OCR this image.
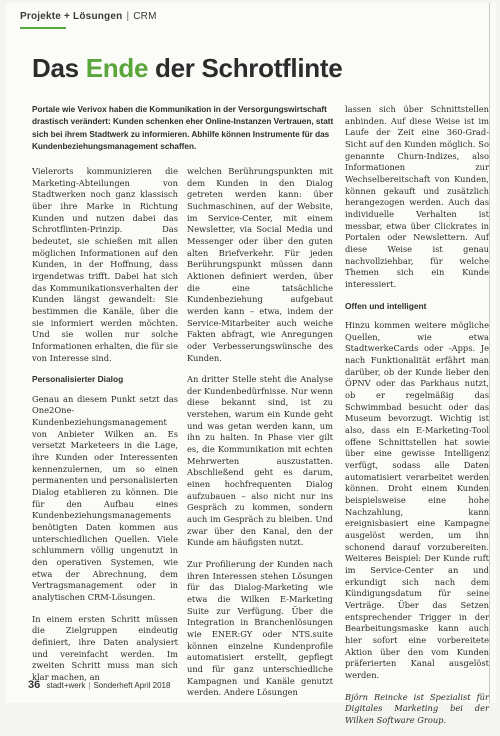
Projekte + Lösungen | CRM
Das Ende der Schrotflinte

Portale wie Verivox haben die Kommunikation in der Versorgungswirtschaft drastisch verändert: Kunden schenken eher Online-Instanzen Vertrauen, statt sich bei ihrem Stadtwerk zu informieren. Abhilfe können Instrumente für das Kundenbeziehungsmanagement schaffen.

Vielerorts kommunizieren die Marketing-Abteilungen von Stadtwerken noch ganz klassisch über ihre Marke in Richtung Kunden und nutzen dabei das Schrotflinten-Prinzip. Das bedeutet, sie schießen mit allen möglichen Informationen auf den Kunden, in der Hoffnung, dass irgendetwas trifft. Dabei hat sich das Kommunikationsverhalten der Kunden längst gewandelt: Sie bestimmen die Kanäle, über die sie informiert werden möchten. Und sie wollen nur solche Informationen erhalten, die für sie von Interesse sind.

Personalisierter Dialog

Genau an diesem Punkt setzt das One2One-Kundenbeziehungsmanagement von Anbieter Wilken an. Es versetzt Marketeers in die Lage, ihre Kunden oder Interessenten kennenzulernen, um so einen permanenten und personalisierten Dialog etablieren zu können. Die für den Aufbau eines Kundenbeziehungsmanagements benötigten Daten kommen aus unterschiedlichen Quellen. Viele schlummern völlig ungenutzt in den operativen Systemen, wie etwa der Abrechnung, dem Vertragsmanagement oder in analytischen CRM-Lösungen.

In einem ersten Schritt müssen die Zielgruppen eindeutig definiert, ihre Daten analysiert und vereinfacht werden. Im zweiten Schritt muss man sich klar machen, an

welchen Berührungspunkten mit dem Kunden in den Dialog getreten werden kann: über Suchmaschinen, auf der Website, im Service-Center, mit einem Newsletter, via Social Media und Messenger oder über den guten alten Briefverkehr. Für jeden Berührungspunkt müssen dann Aktionen definiert werden, über die eine tatsächliche Kundenbeziehung aufgebaut werden kann – etwa, indem der Service-Mitarbeiter auch weiche Fakten abfragt, wie Anregungen oder Verbesserungswünsche des Kunden.

An dritter Stelle steht die Analyse der Kundenbedürfnisse. Nur wenn diese bekannt sind, ist zu verstehen, warum ein Kunde geht und was getan werden kann, um ihn zu halten. In Phase vier gilt es, die Kommunikation mit echten Mehrwerten auszustatten. Abschließend geht es darum, einen hochfrequenten Dialog aufzubauen – also nicht nur ins Gespräch zu kommen, sondern auch im Gespräch zu bleiben. Und zwar über den Kanal, den der Kunde am häufigsten nutzt.

Zur Profilierung der Kunden nach ihren Interessen stehen Lösungen für das Dialog-Marketing wie etwa die Wilken E-Marketing Suite zur Verfügung. Über die Integration in Branchenlösungen wie ENER:GY oder NTS.suite können einzelne Kundenprofile automatisiert erstellt, gepflegt und für ganz unterschiedliche Kampagnen und Kanäle genutzt werden. Andere Lösungen

lassen sich über Schnittstellen anbinden. Auf diese Weise ist im Laufe der Zeit eine 360-Grad-Sicht auf den Kunden möglich. So genannte Churn-Indizes, also Informationen zur Wechselbereitschaft von Kunden, können gekauft und zusätzlich herangezogen werden. Auch das individuelle Verhalten ist messbar, etwa über Clickrates in Portalen oder Newslettern. Auf diese Weise ist genau nachvollziehbar, für welche Themen sich ein Kunde interessiert.

Offen und intelligent

Hinzu kommen weitere mögliche Quellen, wie etwa StadtwerkeCards oder -Apps. Je nach Funktionalität erfährt man darüber, ob der Kunde lieber den ÖPNV oder das Parkhaus nutzt, ob er regelmäßig das Schwimmbad besucht oder das Museum bevorzugt. Wichtig ist also, dass ein E-Marketing-Tool offene Schnittstellen hat sowie über eine gewisse Intelligenz verfügt, sodass alle Daten automatisiert verarbeitet werden können. Droht einem Kunden beispielsweise eine hohe Nachzahlung, kann ereignisbasiert eine Kampagne ausgelöst werden, um ihn schonend darauf vorzubereiten. Weiteres Beispiel: Der Kunde ruft im Service-Center an und erkundigt sich nach dem Kündigungsdatum für seine Verträge. Über das Setzen entsprechender Trigger in der Bearbeitungsmaske kann auch hier sofort eine vorbereitete Aktion über den vom Kunden präferierten Kanal ausgelöst werden.

Björn Reincke ist Spezialist für Digitales Marketing bei der Wilken Software Group.

36 stadt+werk | Sonderheft April 2018
